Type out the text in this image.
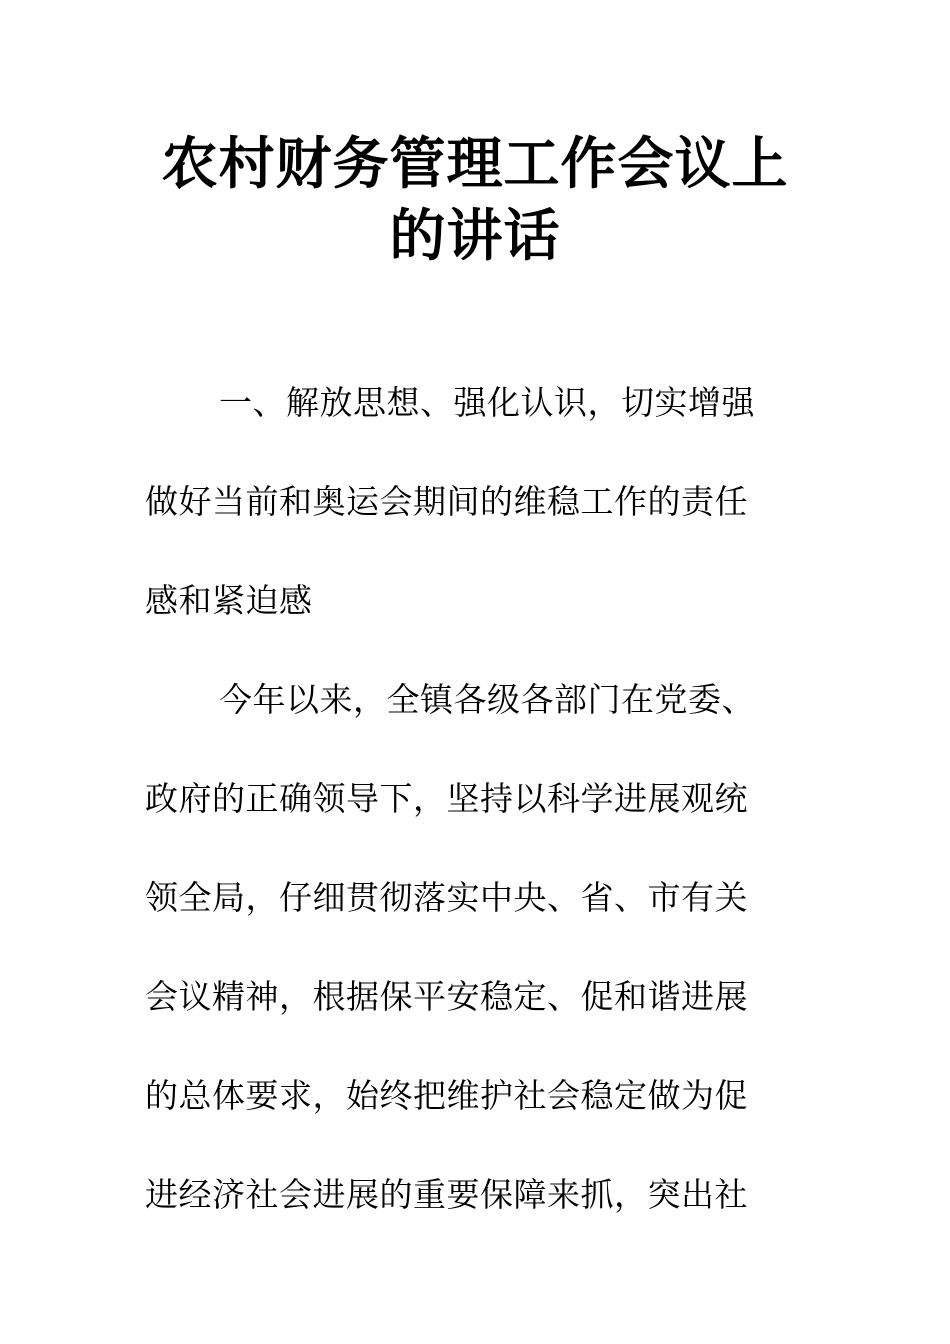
农村财务管理工作会议上
的讲话
一、解放思想、强化认识，切实增强
做好当前和奥运会期间的维稳工作的责任
感和紧迫感
今年以来，全镇各级各部门在党委、
政府的正确领导下，坚持以科学进展观统
领全局，仔细贯彻落实中央、省、市有关
会议精神，根据保平安稳定、促和谐进展
的总体要求，始终把维护社会稳定做为促
进经济社会进展的重要保障来抓，突出社
